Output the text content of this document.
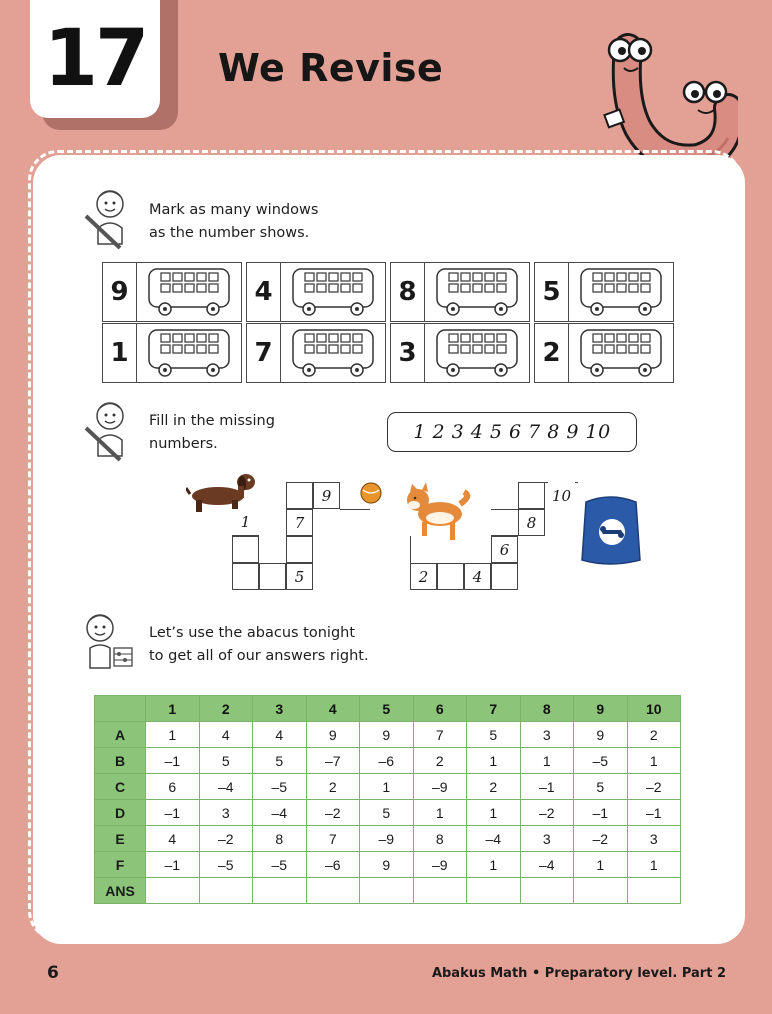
17 We Revise
Mark as many windows
as the number shows.
9	4	8	5
1	7	3	2
Fill in the missing
numbers.
1 2 3 4 5 6 7 8 9 10
9
1	7
5
10
8
6
2	4
Let’s use the abacus tonight
to get all of our answers right.
	1	2	3	4	5	6	7	8	9	10
A	1	4	4	9	9	7	5	3	9	2
B	–1	5	5	–7	–6	2	1	1	–5	1
C	6	–4	–5	2	1	–9	2	–1	5	–2
D	–1	3	–4	–2	5	1	1	–2	–1	–1
E	4	–2	8	7	–9	8	–4	3	–2	3
F	–1	–5	–5	–6	9	–9	1	–4	1	1
ANS										
6	Abakus Math • Preparatory level. Part 2
